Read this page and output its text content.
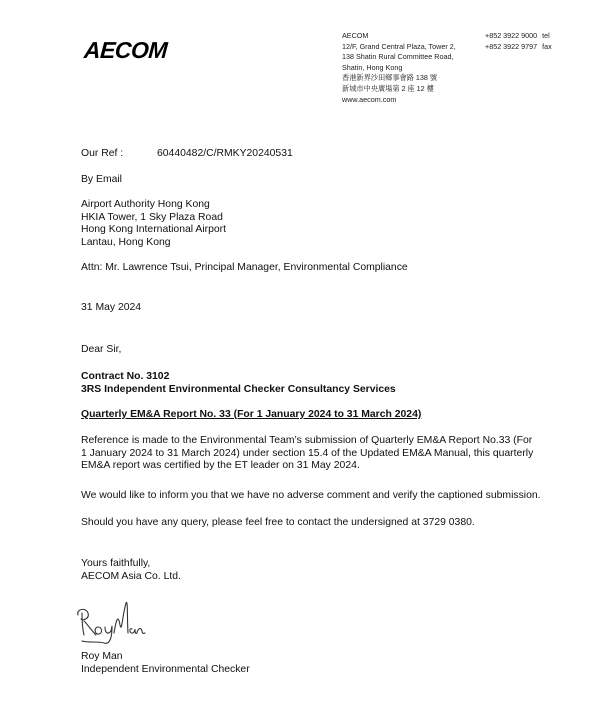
AECOM
AECOM
12/F, Grand Central Plaza, Tower 2,
138 Shatin Rural Committee Road,
Shatin, Hong Kong
香港新界沙田鄉事會路 138 號
新城市中央廣場第 2 座 12 樓
www.aecom.com
+852 3922 9000 tel
+852 3922 9797 fax
Our Ref :	60440482/C/RMKY20240531
By Email
Airport Authority Hong Kong
HKIA Tower, 1 Sky Plaza Road
Hong Kong International Airport
Lantau, Hong Kong
Attn: Mr. Lawrence Tsui, Principal Manager, Environmental Compliance
31 May 2024
Dear Sir,
Contract No. 3102
3RS Independent Environmental Checker Consultancy Services
Quarterly EM&A Report No. 33 (For 1 January 2024 to 31 March 2024)
Reference is made to the Environmental Team’s submission of Quarterly EM&A Report No.33 (For
1 January 2024 to 31 March 2024) under section 15.4 of the Updated EM&A Manual, this quarterly
EM&A report was certified by the ET leader on 31 May 2024.
We would like to inform you that we have no adverse comment and verify the captioned submission.
Should you have any query, please feel free to contact the undersigned at 3729 0380.
Yours faithfully,
AECOM Asia Co. Ltd.
Roy Man
Independent Environmental Checker
